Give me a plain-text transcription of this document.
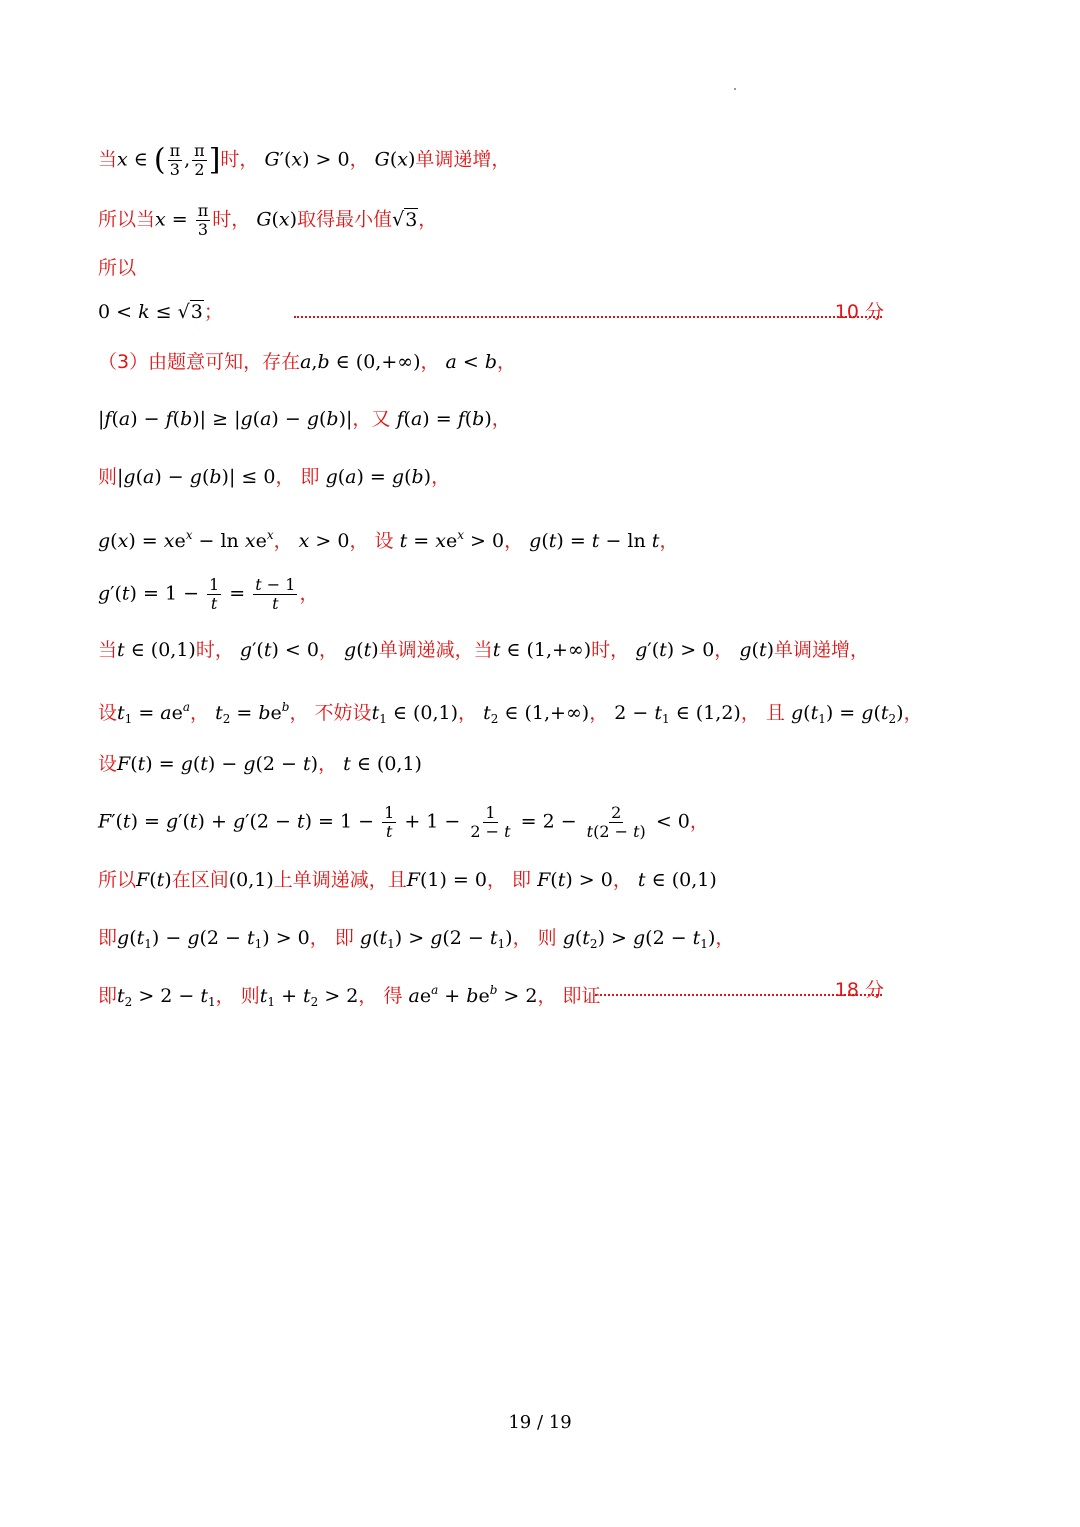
当x ∈ ( $\frac{\pi}{3}$ , $\frac{\pi}{2}$ ]时， G′(x) > 0， G(x)单调递增，
所以当$x = \frac{\pi}{3}$ 时， G(x)取得最小值√3，
所以
0 < k ≤ √3；	10 分
（3）由题意可知，存在a,b ∈ (0,+∞)， a < b，
|f(a) − f(b)| ≥ |g(a) − g(b)|，又 f(a) = f(b)，
则|g(a) − g(b)| ≤ 0， 即 g(a) = g(b)，
$g(x) = xe^x - \ln xe^x$， x > 0， 设 $t = xe^x > 0$， g(t) = t − ln t，
$g'(t) = 1 - \frac{1}{t} = \frac{t - 1}{t}$ ，
当t ∈ (0,1)时， g′(t) < 0， g(t)单调递减，当t ∈ (1,+∞)时， g′(t) > 0， g(t)单调递增，
设$t_1 = ae^a$， $t_2 = be^b$， 不妨设$t_1$ ∈ (0,1)， $t_2$ ∈ (1,+∞)， $2 - t_1$ ∈ (1,2)， 且 $g(t_1) = g(t_2)$，
设F(t) = g(t) − g(2 − t)， t ∈ (0,1)
$F'(t) = g'(t) + g'(2 - t) = 1 - \frac{1}{t} + 1 - \frac{1}{2 - t} = 2 - \frac{2}{t(2 - t)} < 0$，
所以F(t)在区间(0,1)上单调递减，且F(1) = 0， 即 F(t) > 0， t ∈ (0,1)
即$g(t_1) - g(2 - t_1) > 0$， 即 $g(t_1) > g(2 - t_1)$， 则 $g(t_2) > g(2 - t_1)$，
即$t_2 > 2 - t_1$， 则$t_1 + t_2 > 2$， 得 $ae^a + be^b > 2$， 即证	18 分
19 / 19
